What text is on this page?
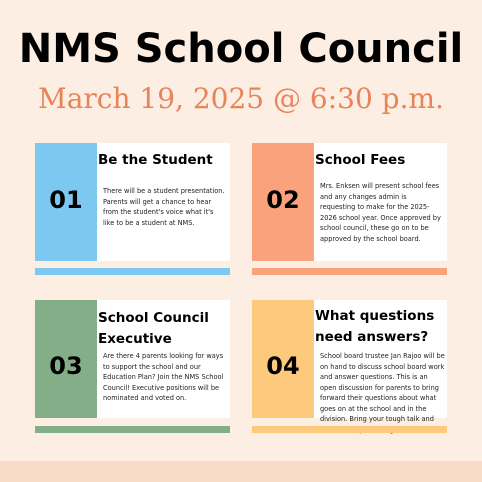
NMS School Council
March 19, 2025 @ 6:30 p.m.
01
Be the Student
There will be a student presentation. Parents will get a chance to hear from the student's voice what it's like to be a student at NMS.
02
School Fees
Mrs. Enksen will present school fees and any changes admin is requesting to make for the 2025-2026 school year. Once approved by school council, these go on to be approved by the school board.
03
School Council Executive
Are there 4 parents looking for ways to support the school and our Education Plan? Join the NMS School Council! Executive positions will be nominated and voted on.
04
What questions need answers?
School board trustee Jan Rajoo will be on hand to discuss school board work and answer questions. This is an open discussion for parents to bring forward their questions about what goes on at the school and in the division. Bring your tough talk and
